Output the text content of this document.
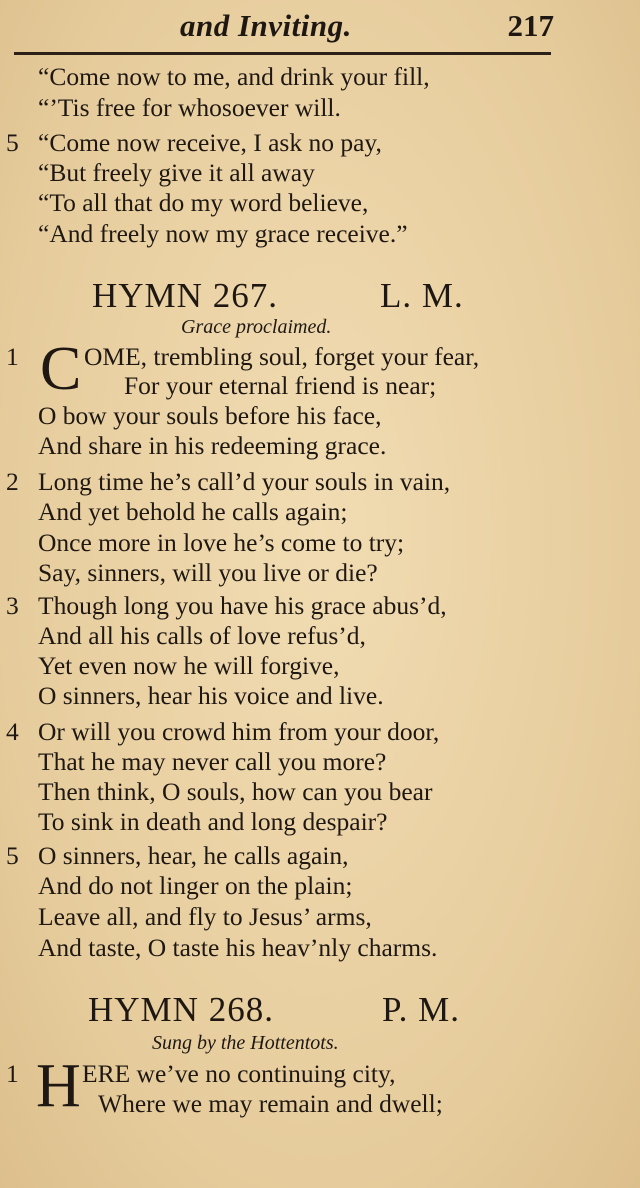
and Inviting.	217
“Come now to me, and drink your fill,
“’Tis free for whosoever will.
5 “Come now receive, I ask no pay,
“But freely give it all away
“To all that do my word believe,
“And freely now my grace receive.”
HYMN 267.	L. M.
Grace proclaimed.
1 C OME, trembling soul, forget your fear,
For your eternal friend is near;
O bow your souls before his face,
And share in his redeeming grace.
2 Long time he’s call’d your souls in vain,
And yet behold he calls again;
Once more in love he’s come to try;
Say, sinners, will you live or die?
3 Though long you have his grace abus’d,
And all his calls of love refus’d,
Yet even now he will forgive,
O sinners, hear his voice and live.
4 Or will you crowd him from your door,
That he may never call you more?
Then think, O souls, how can you bear
To sink in death and long despair?
5 O sinners, hear, he calls again,
And do not linger on the plain;
Leave all, and fly to Jesus’ arms,
And taste, O taste his heav’nly charms.
HYMN 268.	P. M.
Sung by the Hottentots.
1 H ERE we’ve no continuing city,
Where we may remain and dwell;
